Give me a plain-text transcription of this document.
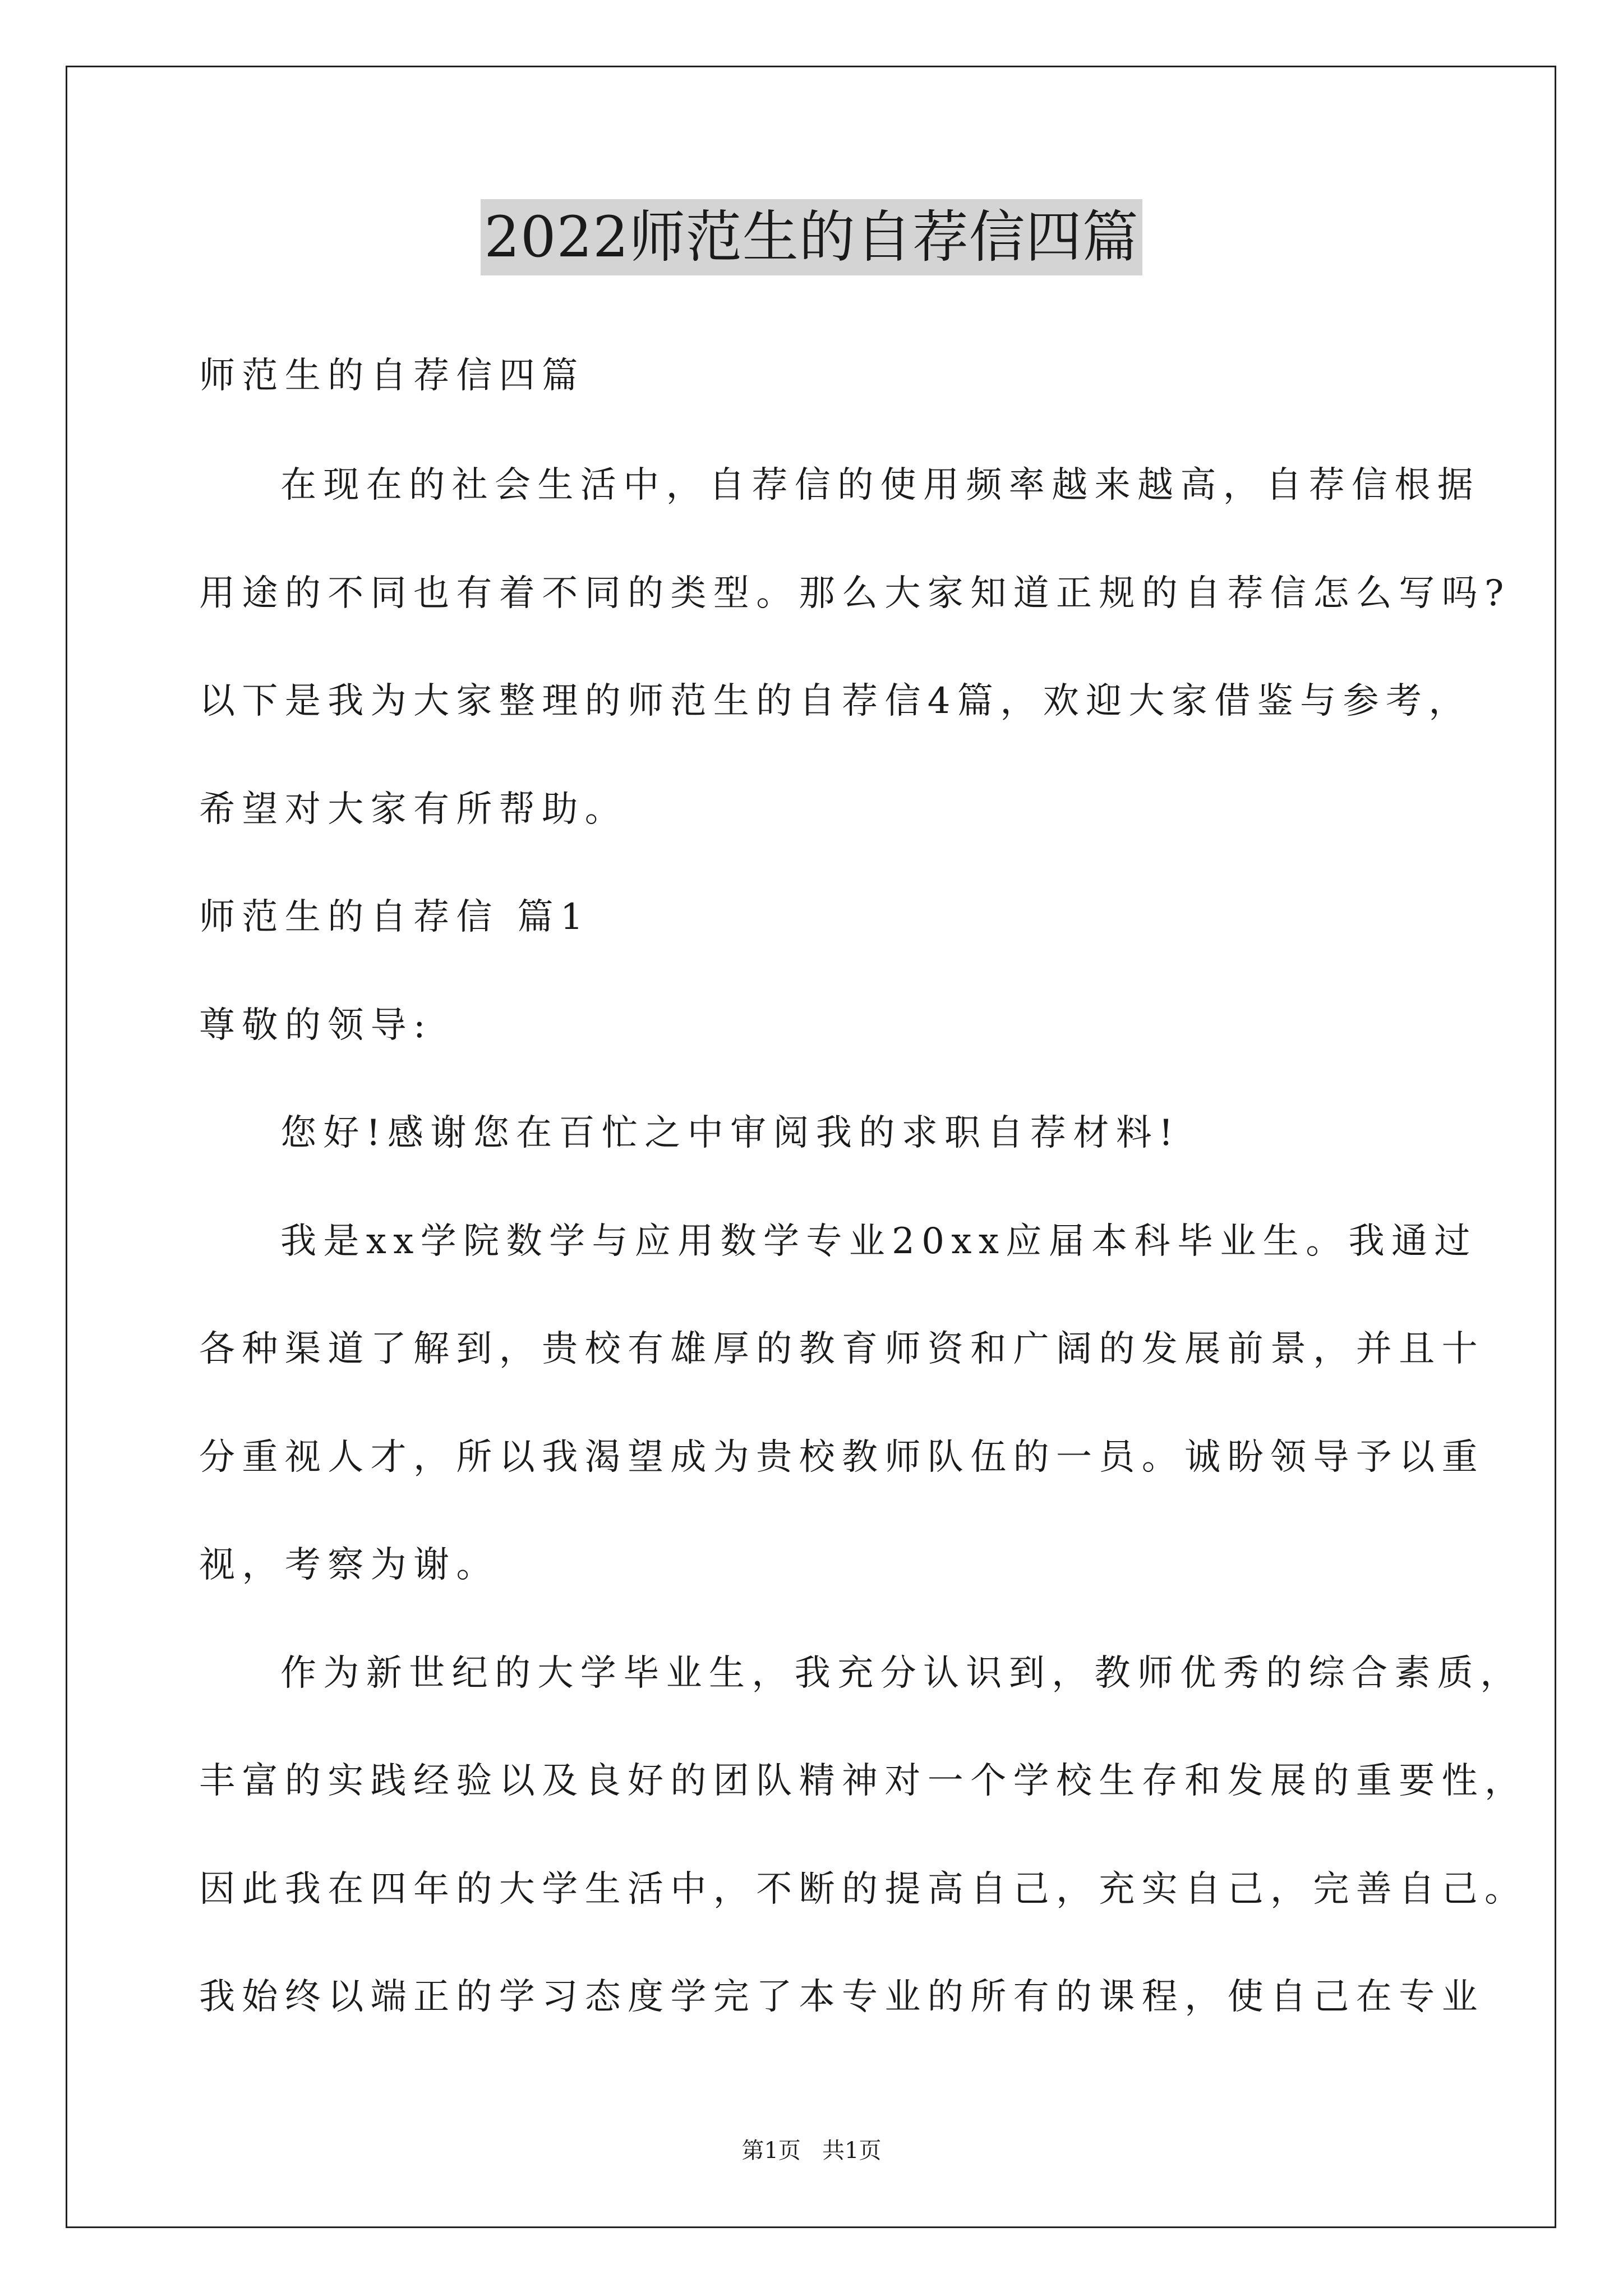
2022师范生的自荐信四篇

师范生的自荐信四篇

在现在的社会生活中，自荐信的使用频率越来越高，自荐信根据

用途的不同也有着不同的类型。那么大家知道正规的自荐信怎么写吗?

以下是我为大家整理的师范生的自荐信4篇，欢迎大家借鉴与参考，

希望对大家有所帮助。

师范生的自荐信 篇1

尊敬的领导:

您好!感谢您在百忙之中审阅我的求职自荐材料!

我是xx学院数学与应用数学专业20xx应届本科毕业生。我通过

各种渠道了解到，贵校有雄厚的教育师资和广阔的发展前景，并且十

分重视人才，所以我渴望成为贵校教师队伍的一员。诚盼领导予以重

视，考察为谢。

作为新世纪的大学毕业生，我充分认识到，教师优秀的综合素质，

丰富的实践经验以及良好的团队精神对一个学校生存和发展的重要性，

因此我在四年的大学生活中，不断的提高自己，充实自己，完善自己。

我始终以端正的学习态度学完了本专业的所有的课程，使自己在专业

第1页   共1页
